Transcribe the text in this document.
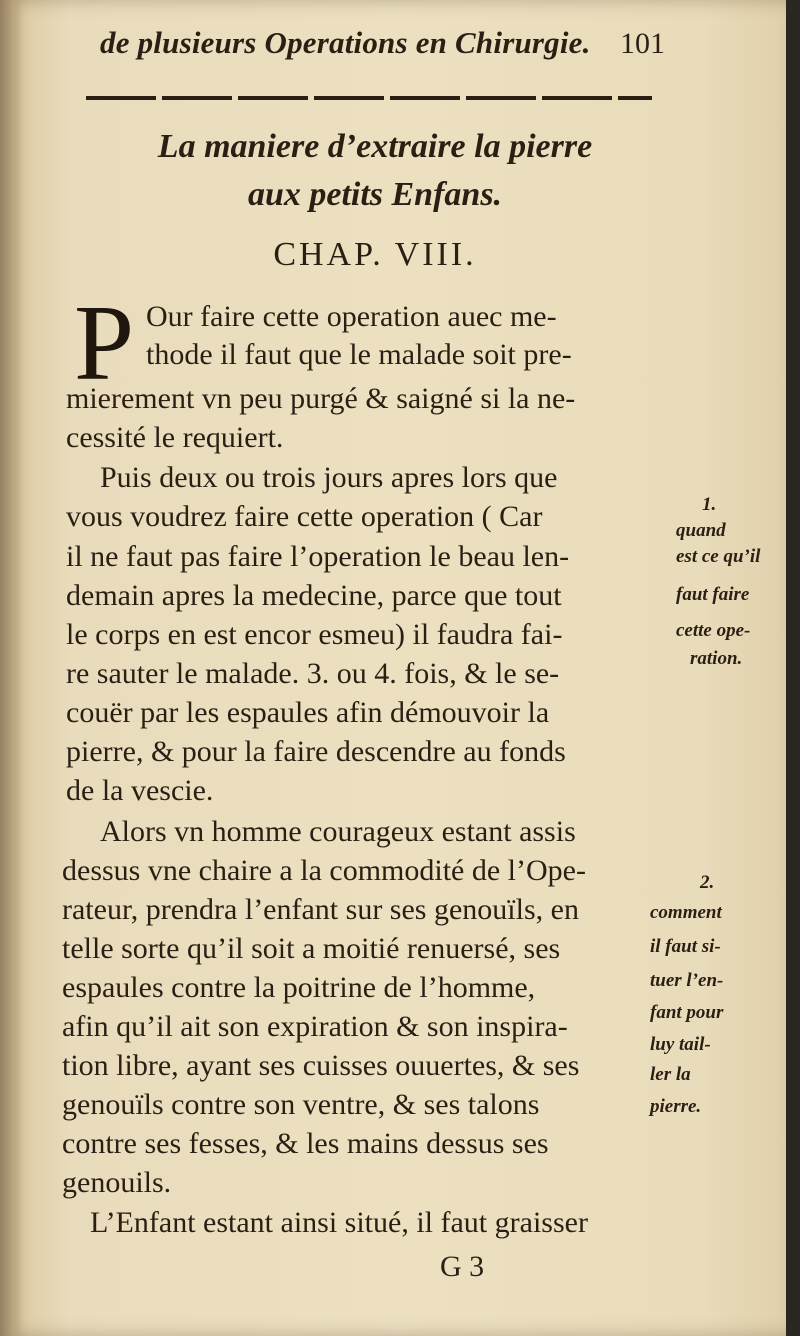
de plusieurs Operations en Chirurgie. 101
La maniere d’extraire la pierre
aux petits Enfans.
CHAP. VIII.
P Our faire cette operation auec me-
thode il faut que le malade soit pre-
mierement vn peu purgé & saigné si la ne-
cessité le requiert.
Puis deux ou trois jours apres lors que
vous voudrez faire cette operation ( Car
il ne faut pas faire l’operation le beau len-
demain apres la medecine, parce que tout
le corps en est encor esmeu) il faudra fai-
re sauter le malade. 3. ou 4. fois, & le se-
couër par les espaules afin démouvoir la
pierre, & pour la faire descendre au fonds
de la vescie.
Alors vn homme courageux estant assis
dessus vne chaire a la commodité de l’Ope-
rateur, prendra l’enfant sur ses genouïls, en
telle sorte qu’il soit a moitié renuersé, ses
espaules contre la poitrine de l’homme,
afin qu’il ait son expiration & son inspira-
tion libre, ayant ses cuisses ouuertes, & ses
genouïls contre son ventre, & ses talons
contre ses fesses, & les mains dessus ses
genouils.
L’Enfant estant ainsi situé, il faut graisser
1.
quand
est ce qu’il
faut faire
cette ope-
ration.
2.
comment
il faut si-
tuer l’en-
fant pour
luy tail-
ler la
pierre.
G 3
